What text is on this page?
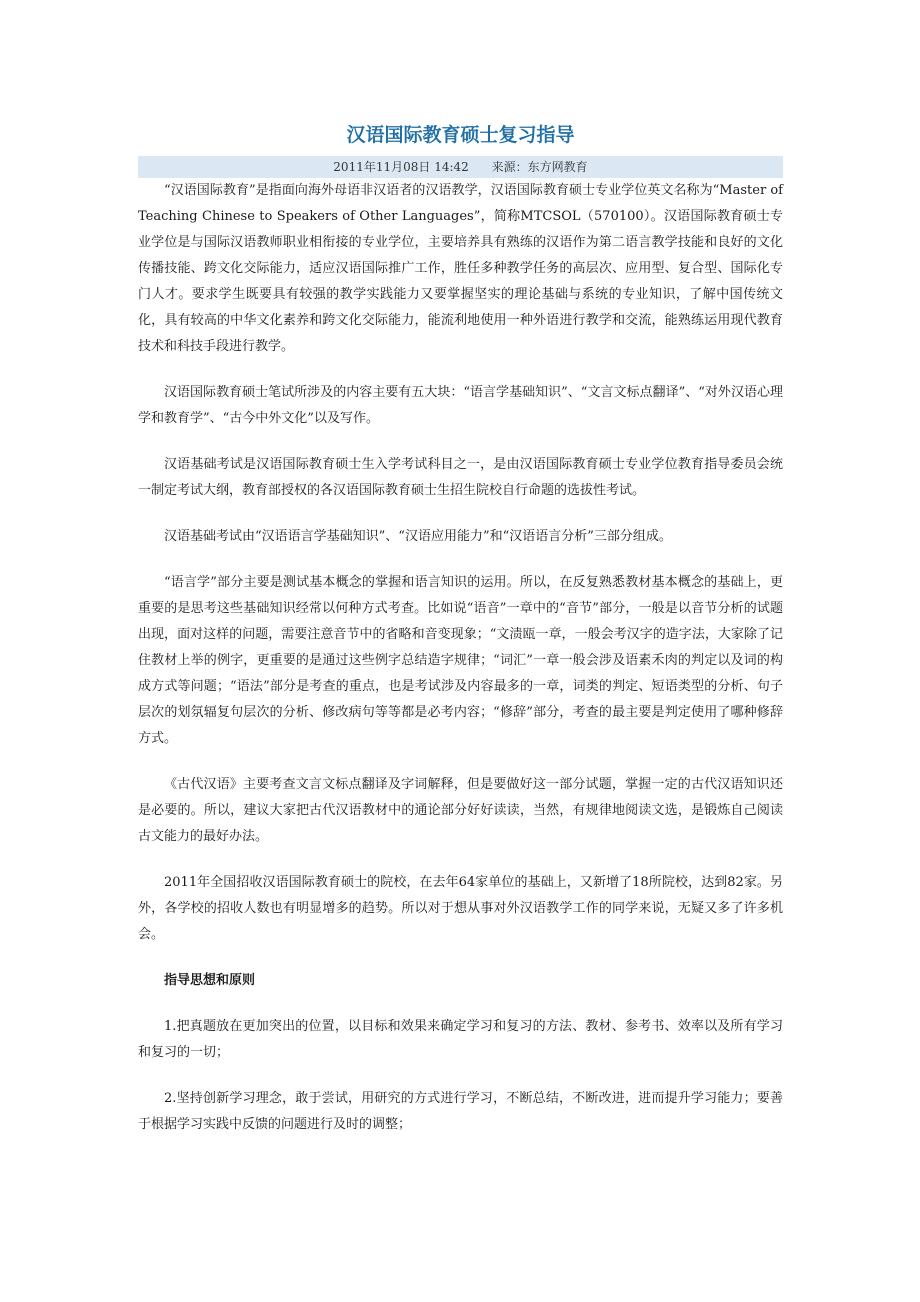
汉语国际教育硕士复习指导
2011年11月08日 14:42 来源：东方网教育

“汉语国际教育”是指面向海外母语非汉语者的汉语教学，汉语国际教育硕士专业学位英文名称为“Master of Teaching Chinese to Speakers of Other Languages”，简称MTCSOL（570100）。汉语国际教育硕士专业学位是与国际汉语教师职业相衔接的专业学位，主要培养具有熟练的汉语作为第二语言教学技能和良好的文化传播技能、跨文化交际能力，适应汉语国际推广工作，胜任多种教学任务的高层次、应用型、复合型、国际化专门人才。要求学生既要具有较强的教学实践能力又要掌握坚实的理论基础与系统的专业知识，了解中国传统文化，具有较高的中华文化素养和跨文化交际能力，能流利地使用一种外语进行教学和交流，能熟练运用现代教育技术和科技手段进行教学。

汉语国际教育硕士笔试所涉及的内容主要有五大块：“语言学基础知识”、“文言文标点翻译”、“对外汉语心理学和教育学”、“古今中外文化”以及写作。

汉语基础考试是汉语国际教育硕士生入学考试科目之一，是由汉语国际教育硕士专业学位教育指导委员会统一制定考试大纲，教育部授权的各汉语国际教育硕士生招生院校自行命题的选拔性考试。

汉语基础考试由“汉语语言学基础知识”、“汉语应用能力”和“汉语语言分析”三部分组成。

“语言学”部分主要是测试基本概念的掌握和语言知识的运用。所以，在反复熟悉教材基本概念的基础上，更重要的是思考这些基础知识经常以何种方式考查。比如说“语音”一章中的“音节”部分，一般是以音节分析的试题出现，面对这样的问题，需要注意音节中的省略和音变现象；“文渍瓯一章，一般会考汉字的造字法，大家除了记住教材上举的例字，更重要的是通过这些例字总结造字规律；“词汇”一章一般会涉及语素禾肉的判定以及词的构成方式等问题；“语法”部分是考查的重点，也是考试涉及内容最多的一章，词类的判定、短语类型的分析、句子层次的划氛辐复句层次的分析、修改病句等等都是必考内容；“修辞”部分，考查的最主要是判定使用了哪种修辞方式。

《古代汉语》主要考查文言文标点翻译及字词解释，但是要做好这一部分试题，掌握一定的古代汉语知识还是必要的。所以，建议大家把古代汉语教材中的通论部分好好读读，当然，有规律地阅读文选，是锻炼自己阅读古文能力的最好办法。

2011年全国招收汉语国际教育硕士的院校，在去年64家单位的基础上，又新增了18所院校，达到82家。另外，各学校的招收人数也有明显增多的趋势。所以对于想从事对外汉语教学工作的同学来说，无疑又多了许多机会。

指导思想和原则

1.把真题放在更加突出的位置，以目标和效果来确定学习和复习的方法、教材、参考书、效率以及所有学习和复习的一切；

2.坚持创新学习理念，敢于尝试，用研究的方式进行学习，不断总结，不断改进，进而提升学习能力；要善于根据学习实践中反馈的问题进行及时的调整；
